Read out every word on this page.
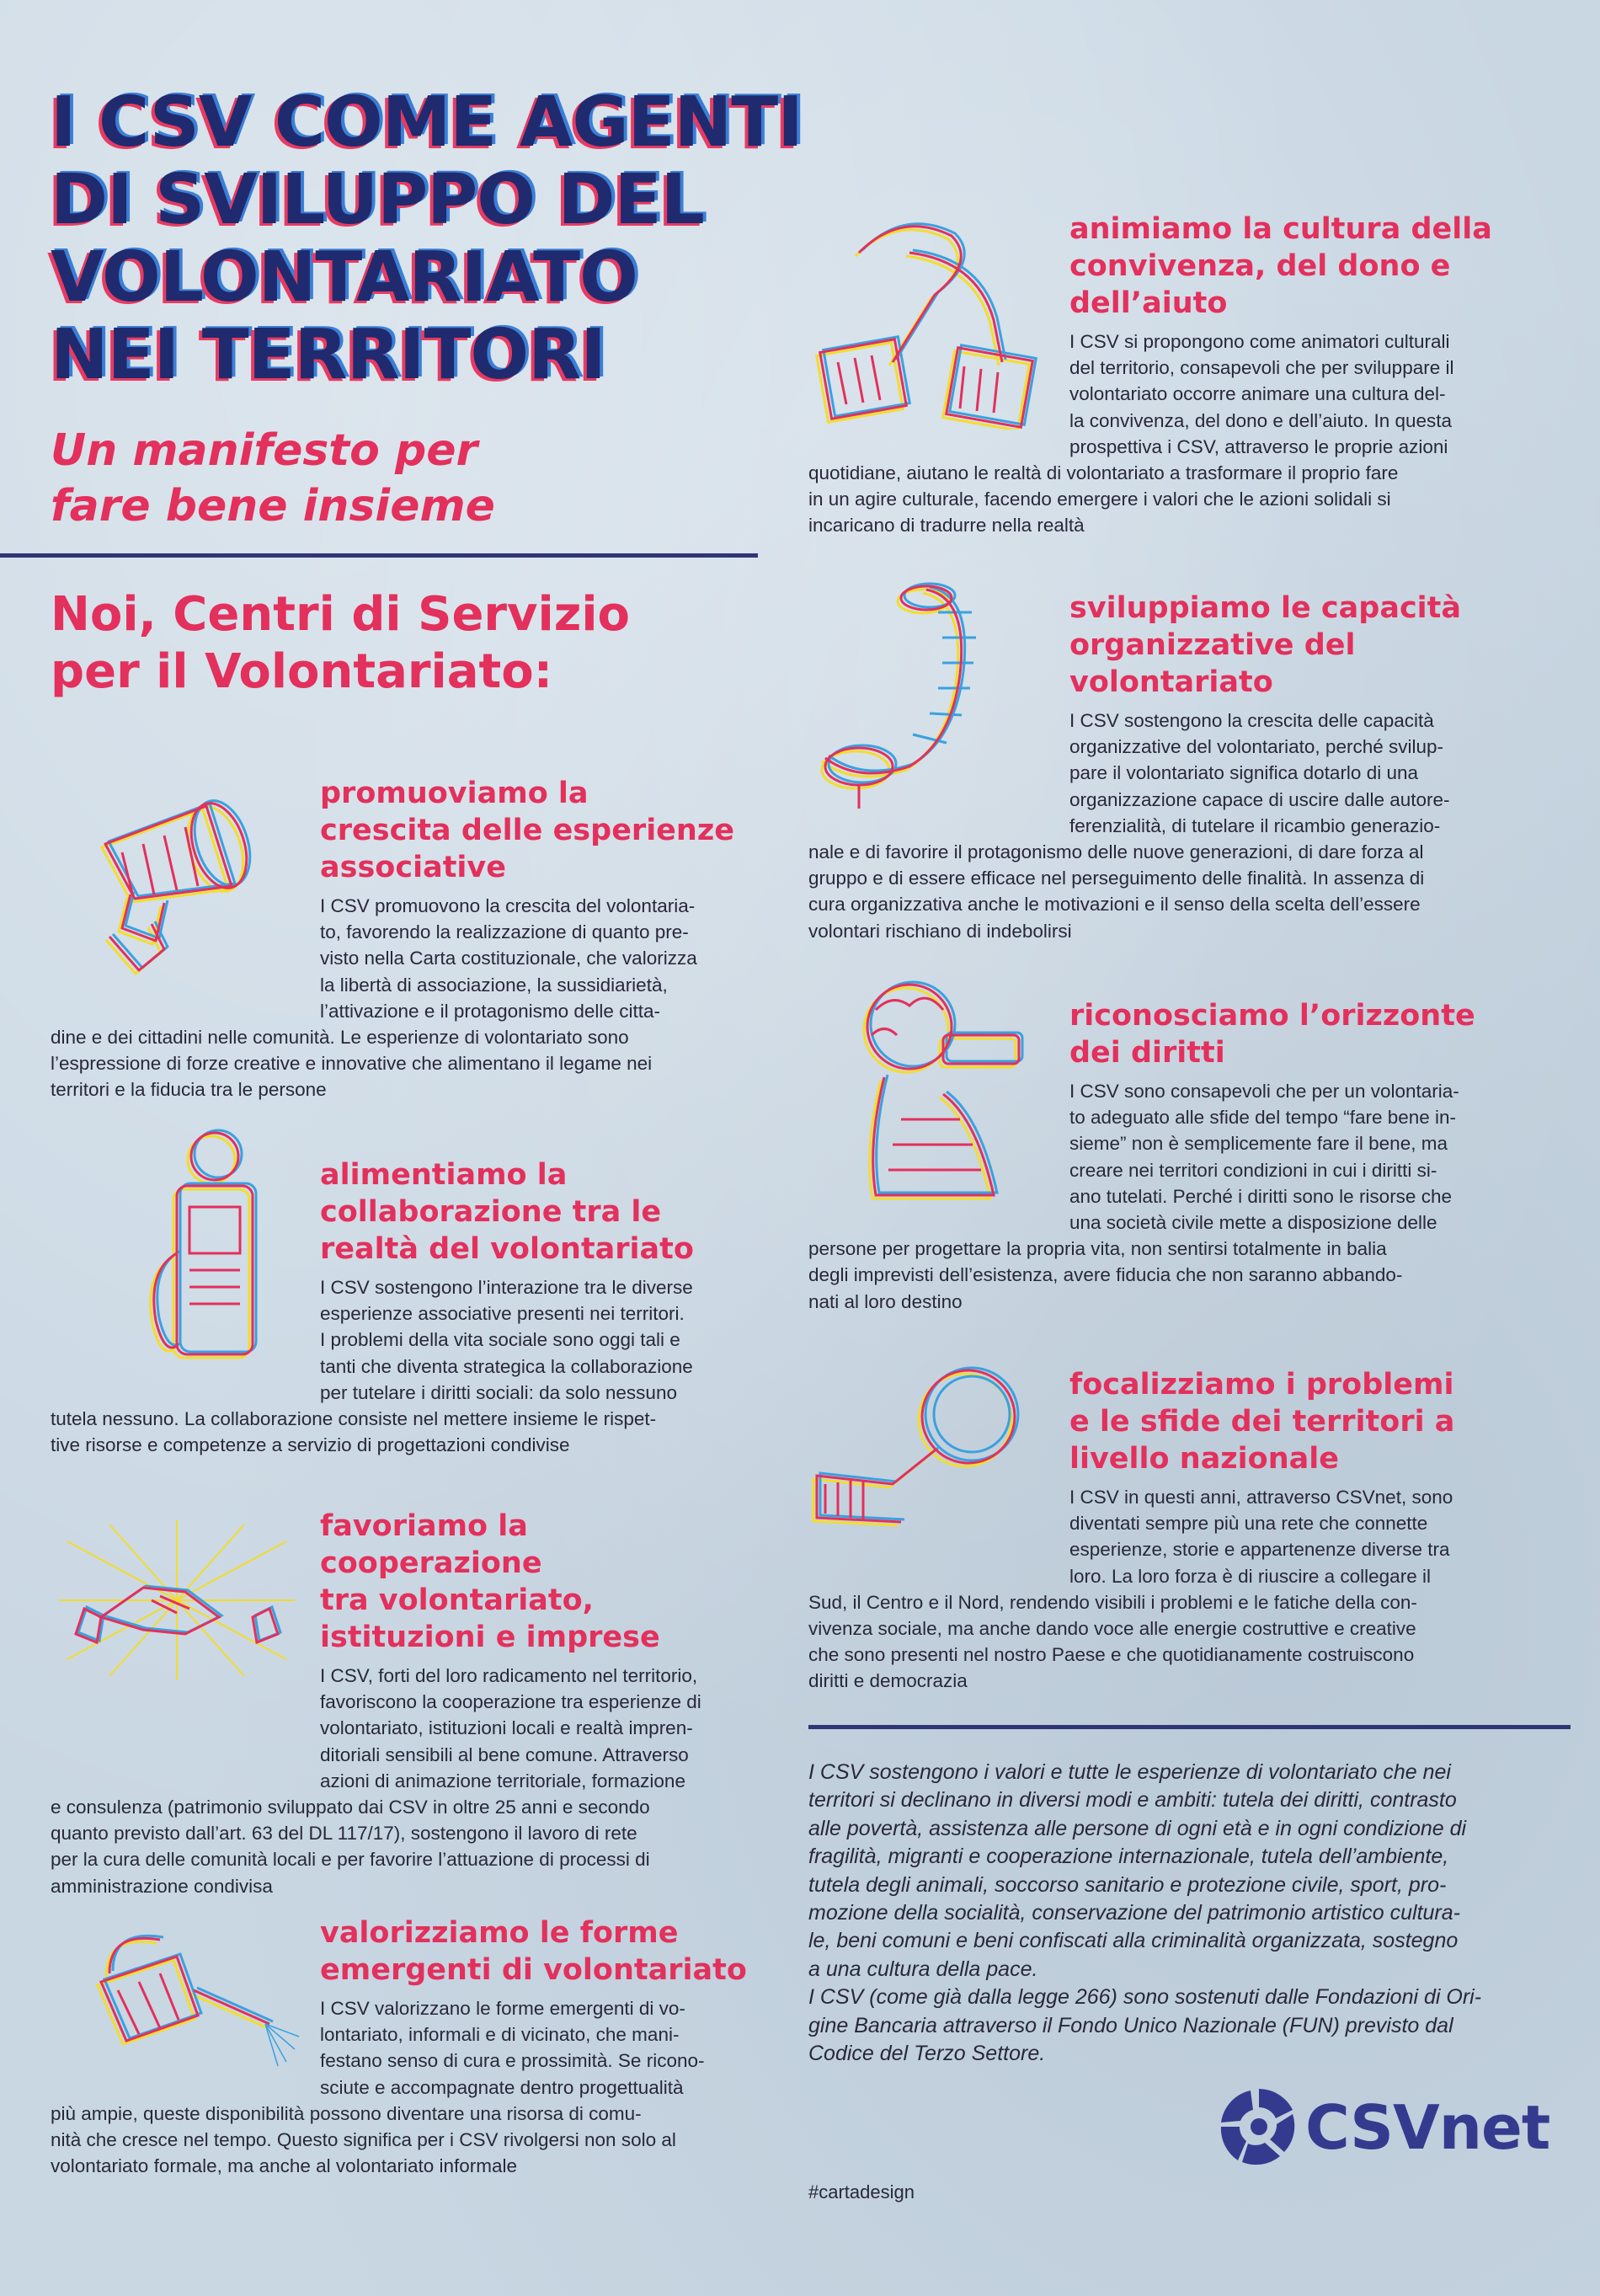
I CSV COME AGENTI
DI SVILUPPO DEL
VOLONTARIATO
NEI TERRITORI
Un manifesto per
fare bene insieme
Noi, Centri di Servizio
per il Volontariato:
promuoviamo la
crescita delle esperienze
associative
I CSV promuovono la crescita del volontaria-
to, favorendo la realizzazione di quanto pre-
visto nella Carta costituzionale, che valorizza
la libertà di associazione, la sussidiarietà,
l’attivazione e il protagonismo delle citta-
dine e dei cittadini nelle comunità. Le esperienze di volontariato sono
l’espressione di forze creative e innovative che alimentano il legame nei
territori e la fiducia tra le persone
alimentiamo la
collaborazione tra le
realtà del volontariato
I CSV sostengono l’interazione tra le diverse
esperienze associative presenti nei territori.
I problemi della vita sociale sono oggi tali e
tanti che diventa strategica la collaborazione
per tutelare i diritti sociali: da solo nessuno
tutela nessuno. La collaborazione consiste nel mettere insieme le rispet-
tive risorse e competenze a servizio di progettazioni condivise
favoriamo la cooperazione
tra volontariato,
istituzioni e imprese
I CSV, forti del loro radicamento nel territorio,
favoriscono la cooperazione tra esperienze di
volontariato, istituzioni locali e realtà impren-
ditoriali sensibili al bene comune. Attraverso
azioni di animazione territoriale, formazione
e consulenza (patrimonio sviluppato dai CSV in oltre 25 anni e secondo
quanto previsto dall’art. 63 del DL 117/17), sostengono il lavoro di rete
per la cura delle comunità locali e per favorire l’attuazione di processi di
amministrazione condivisa
valorizziamo le forme
emergenti di volontariato
I CSV valorizzano le forme emergenti di vo-
lontariato, informali e di vicinato, che mani-
festano senso di cura e prossimità. Se ricono-
sciute e accompagnate dentro progettualità
più ampie, queste disponibilità possono diventare una risorsa di comu-
nità che cresce nel tempo. Questo significa per i CSV rivolgersi non solo al
volontariato formale, ma anche al volontariato informale
animiamo la cultura della
convivenza, del dono e
dell’aiuto
I CSV si propongono come animatori culturali
del territorio, consapevoli che per sviluppare il
volontariato occorre animare una cultura del-
la convivenza, del dono e dell’aiuto. In questa
prospettiva i CSV, attraverso le proprie azioni
quotidiane, aiutano le realtà di volontariato a trasformare il proprio fare
in un agire culturale, facendo emergere i valori che le azioni solidali si
incaricano di tradurre nella realtà
sviluppiamo le capacità
organizzative del
volontariato
I CSV sostengono la crescita delle capacità
organizzative del volontariato, perché svilup-
pare il volontariato significa dotarlo di una
organizzazione capace di uscire dalle autore-
ferenzialità, di tutelare il ricambio generazio-
nale e di favorire il protagonismo delle nuove generazioni, di dare forza al
gruppo e di essere efficace nel perseguimento delle finalità. In assenza di
cura organizzativa anche le motivazioni e il senso della scelta dell’essere
volontari rischiano di indebolirsi
riconosciamo l’orizzonte
dei diritti
I CSV sono consapevoli che per un volontaria-
to adeguato alle sfide del tempo “fare bene in-
sieme” non è semplicemente fare il bene, ma
creare nei territori condizioni in cui i diritti si-
ano tutelati. Perché i diritti sono le risorse che
una società civile mette a disposizione delle
persone per progettare la propria vita, non sentirsi totalmente in balia
degli imprevisti dell’esistenza, avere fiducia che non saranno abbando-
nati al loro destino
focalizziamo i problemi
e le sfide dei territori a
livello nazionale
I CSV in questi anni, attraverso CSVnet, sono
diventati sempre più una rete che connette
esperienze, storie e appartenenze diverse tra
loro. La loro forza è di riuscire a collegare il
Sud, il Centro e il Nord, rendendo visibili i problemi e le fatiche della con-
vivenza sociale, ma anche dando voce alle energie costruttive e creative
che sono presenti nel nostro Paese e che quotidianamente costruiscono
diritti e democrazia

I CSV sostengono i valori e tutte le esperienze di volontariato che nei
territori si declinano in diversi modi e ambiti: tutela dei diritti, contrasto
alle povertà, assistenza alle persone di ogni età e in ogni condizione di
fragilità, migranti e cooperazione internazionale, tutela dell’ambiente,
tutela degli animali, soccorso sanitario e protezione civile, sport, pro-
mozione della socialità, conservazione del patrimonio artistico cultura-
le, beni comuni e beni confiscati alla criminalità organizzata, sostegno
a una cultura della pace.

I CSV (come già dalla legge 266) sono sostenuti dalle Fondazioni di Ori-
gine Bancaria attraverso il Fondo Unico Nazionale (FUN) previsto dal
Codice del Terzo Settore.

CSVnet
#cartadesign
